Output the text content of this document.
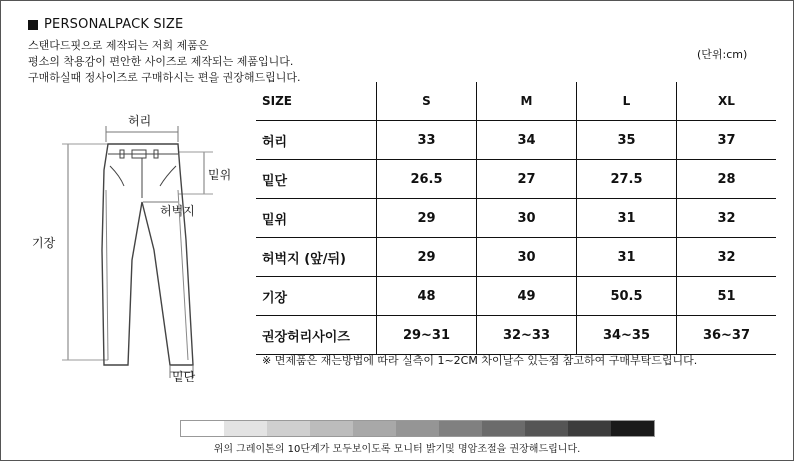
PERSONALPACK SIZE
스탠다드핏으로 제작되는 저희 제품은
평소의 착용감이 편안한 사이즈로 제작되는 제품입니다.
구매하실때 정사이즈로 구매하시는 편을 권장해드립니다.
(단위:cm)
허리
밑위
허벅지
기장
밑단
SIZE	S	M	L	XL
허리	33	34	35	37
밑단	26.5	27	27.5	28
밑위	29	30	31	32
허벅지 (앞/뒤)	29	30	31	32
기장	48	49	50.5	51
권장허리사이즈	29~31	32~33	34~35	36~37
※ 면제품은 재는방법에 따라 실측이 1~2CM 차이날수 있는점 참고하여 구매부탁드립니다.
위의 그레이톤의 10단계가 모두보이도록 모니터 밝기및 명암조절을 권장해드립니다.
